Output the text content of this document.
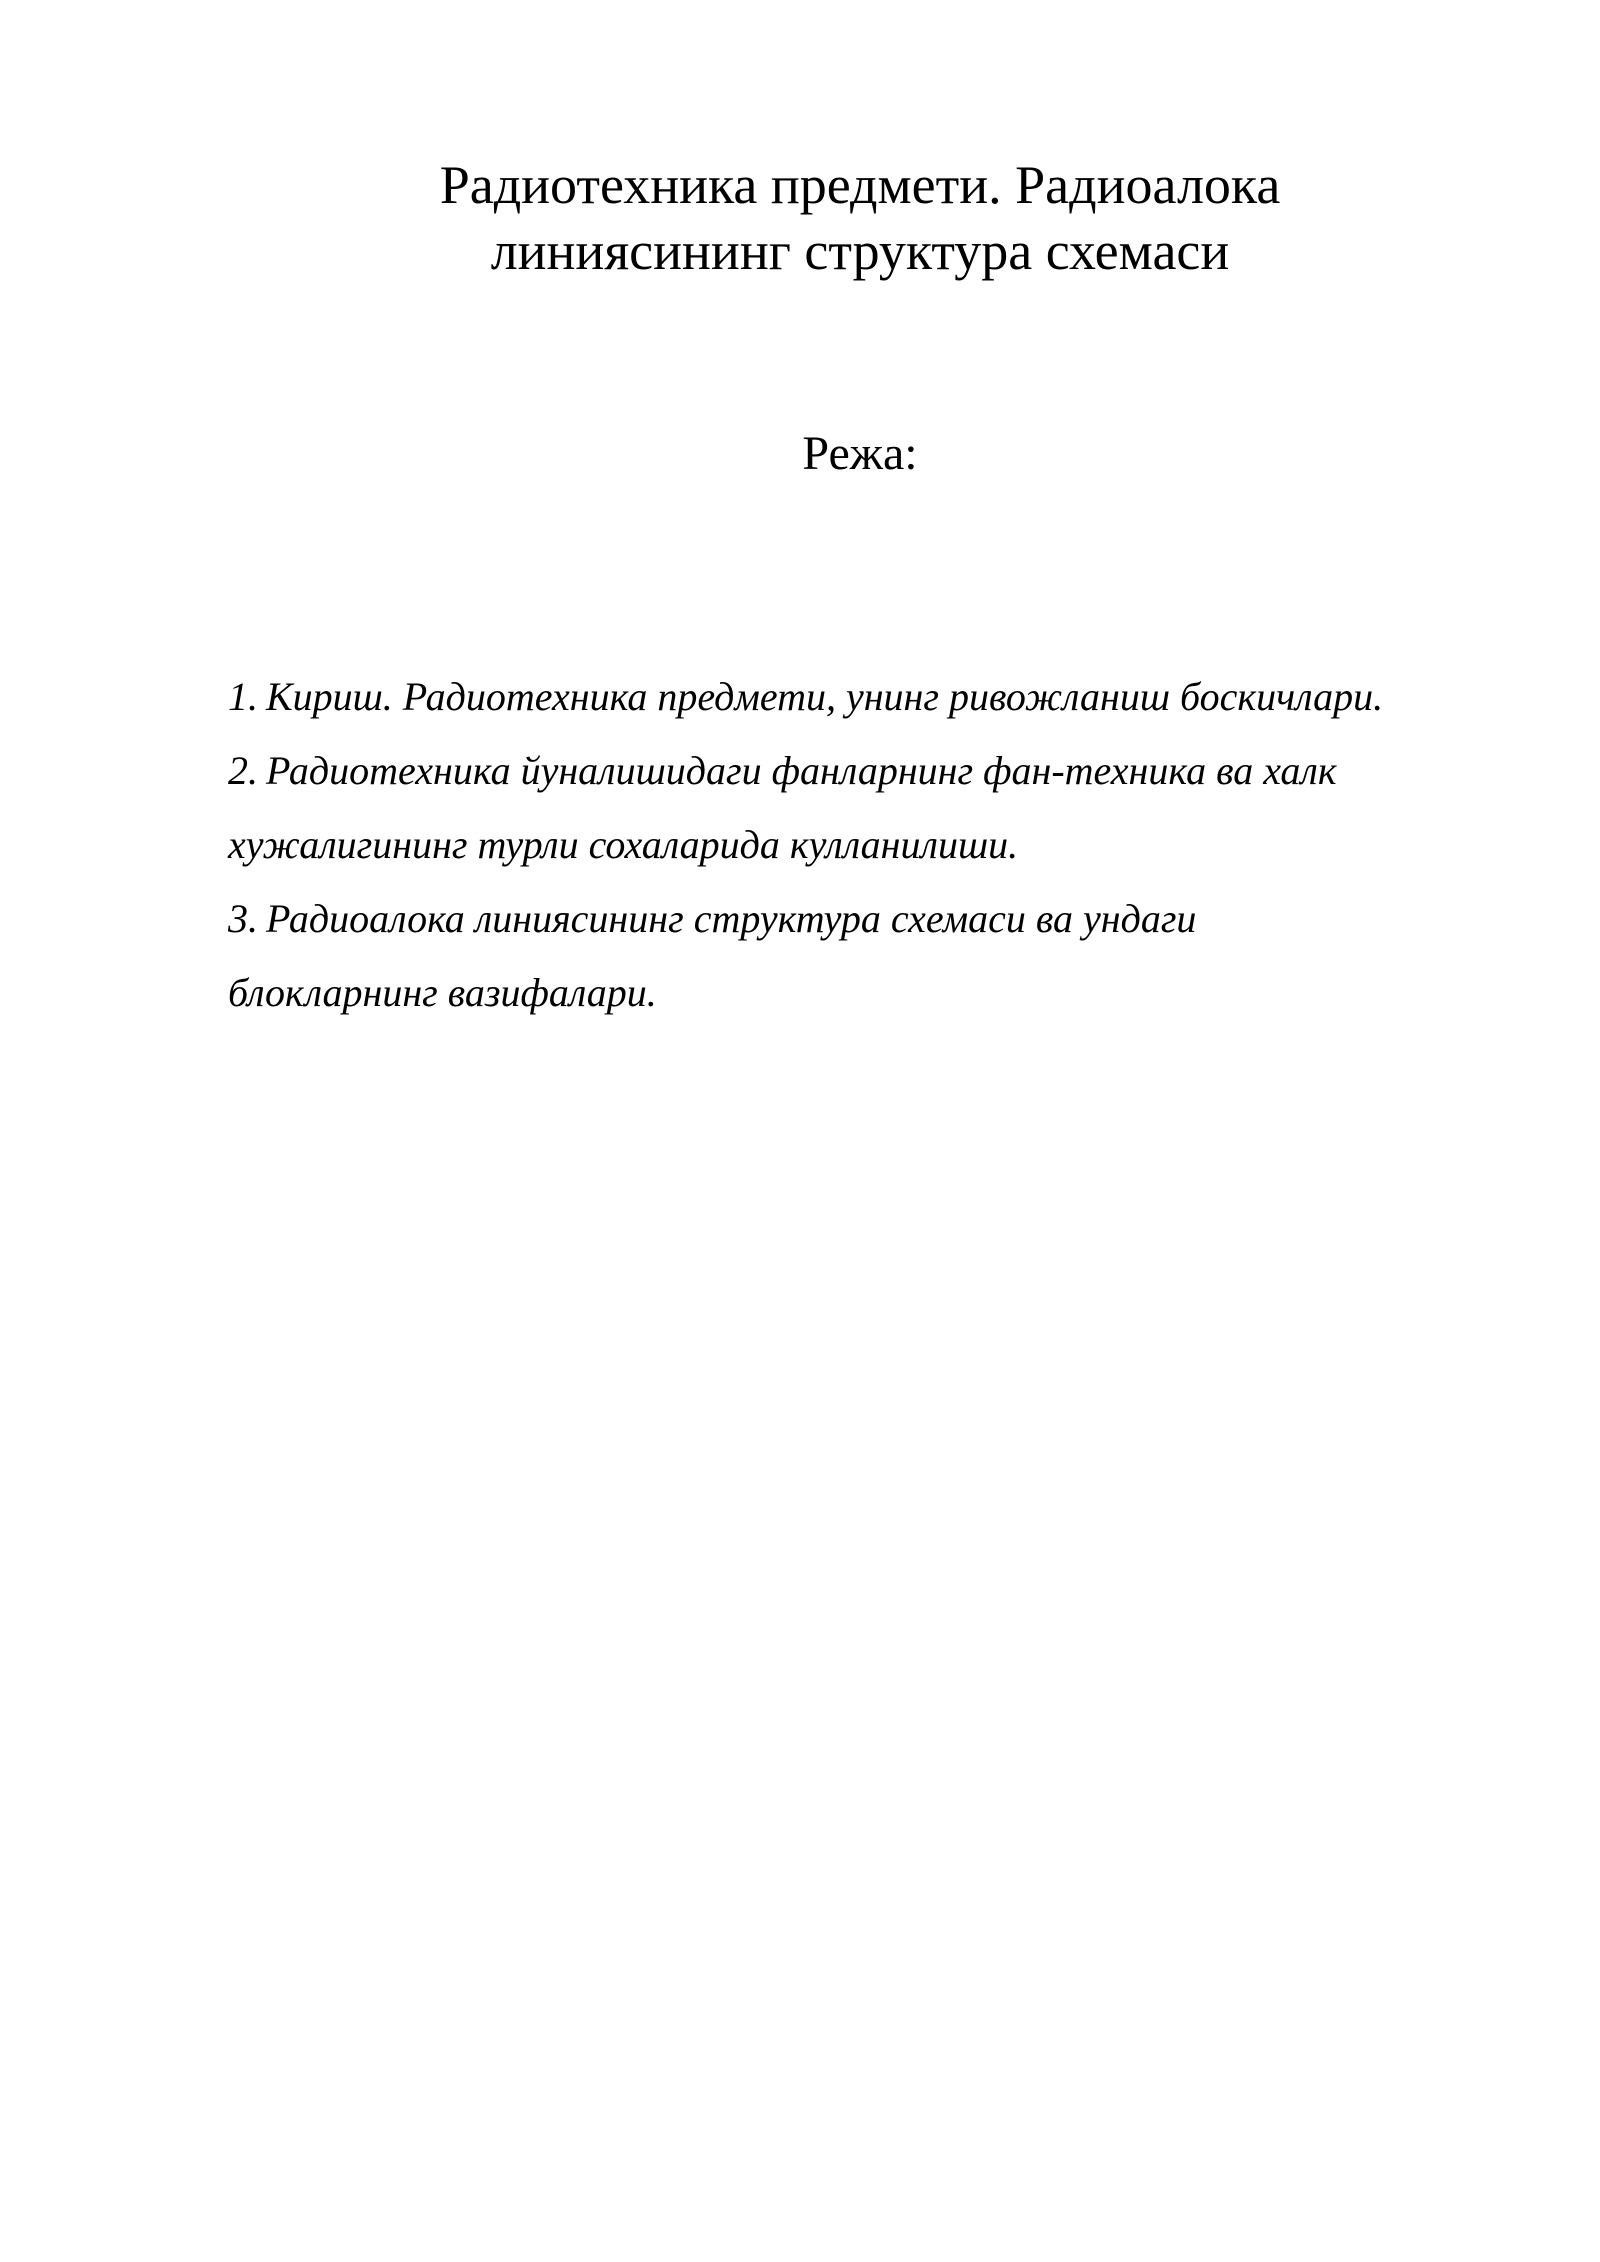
Радиотехника предмети. Радиоалока
линиясининг структура схемаси
Режа:
1. Кириш. Радиотехника предмети, унинг ривожланиш боскичлари.
2. Радиотехника йуналишидаги фанларнинг фан-техника ва халк
хужалигининг турли сохаларида кулланилиши.
3. Радиоалока линиясининг структура схемаси ва ундаги
блокларнинг вазифалари.
